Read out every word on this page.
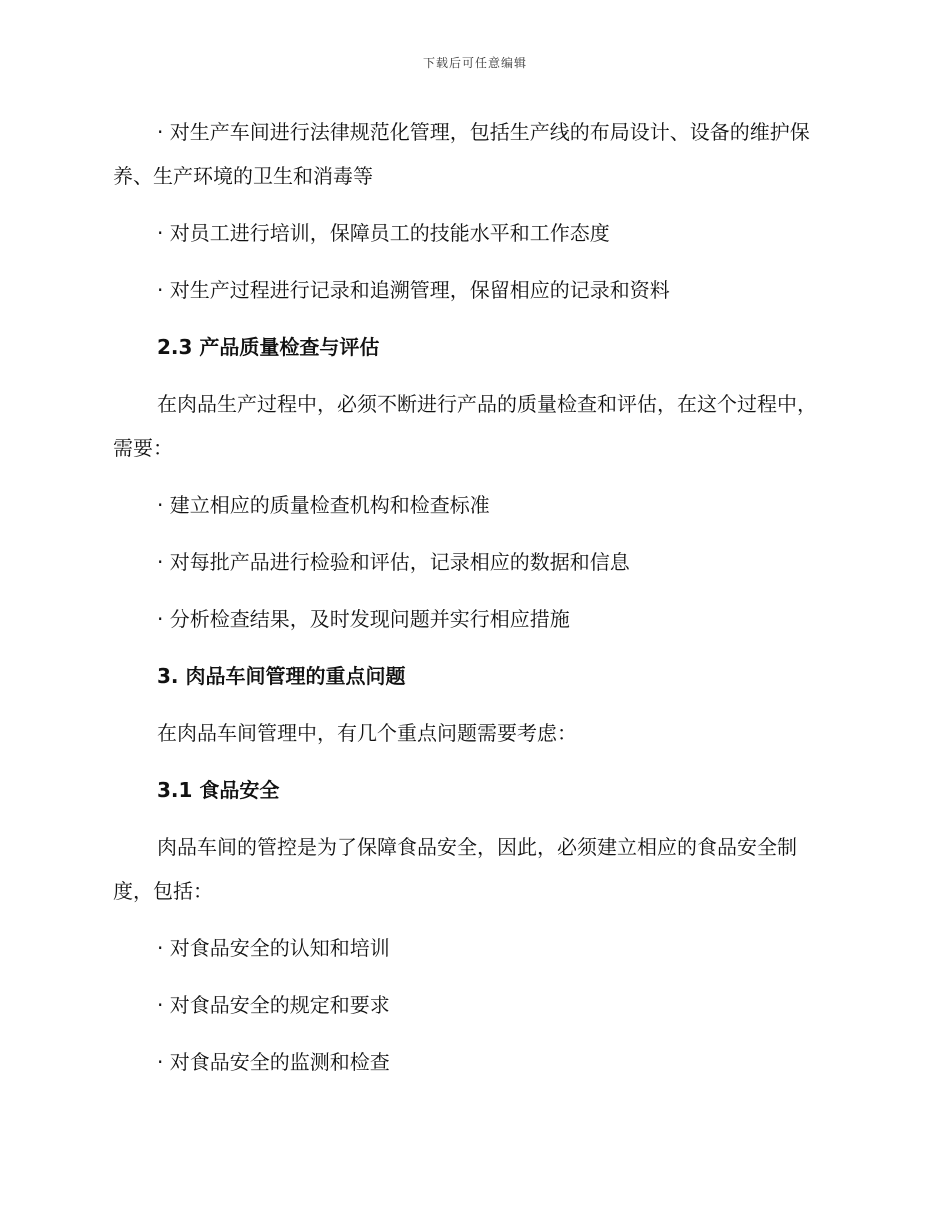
下载后可任意编辑

· 对生产车间进行法律规范化管理，包括生产线的布局设计、设备的维护保养、生产环境的卫生和消毒等

· 对员工进行培训，保障员工的技能水平和工作态度

· 对生产过程进行记录和追溯管理，保留相应的记录和资料

2.3 产品质量检查与评估

在肉品生产过程中，必须不断进行产品的质量检查和评估，在这个过程中，需要：

· 建立相应的质量检查机构和检查标准

· 对每批产品进行检验和评估，记录相应的数据和信息

· 分析检查结果，及时发现问题并实行相应措施

3. 肉品车间管理的重点问题

在肉品车间管理中，有几个重点问题需要考虑：

3.1 食品安全

肉品车间的管控是为了保障食品安全，因此，必须建立相应的食品安全制度，包括：

· 对食品安全的认知和培训

· 对食品安全的规定和要求

· 对食品安全的监测和检查
